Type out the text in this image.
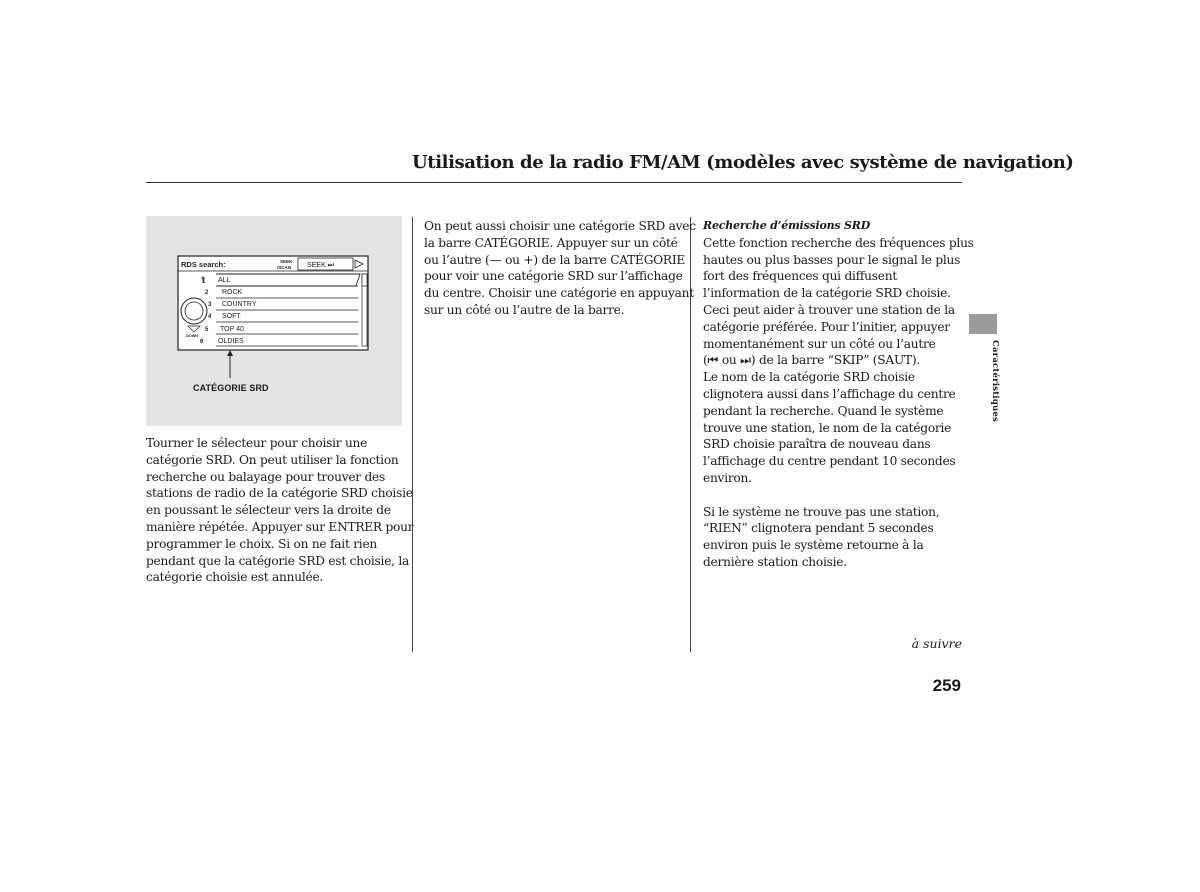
Utilisation de la radio FM/AM (modèles avec système de navigation)
RDS search:	SEEK
/SCAN SEEK ⏭
DOWN
1 ALL
2 ROCK
3 COUNTRY
4 SOFT
5 TOP 40
6 OLDIES
CATÉGORIE SRD

Tourner le sélecteur pour choisir une

catégorie SRD. On peut utiliser la fonction

recherche ou balayage pour trouver des

stations de radio de la catégorie SRD choisie

en poussant le sélecteur vers la droite de

manière répétée. Appuyer sur ENTRER pour

programmer le choix. Si on ne fait rien

pendant que la catégorie SRD est choisie, la

catégorie choisie est annulée.

On peut aussi choisir une catégorie SRD avec

la barre CATÉGORIE. Appuyer sur un côté

ou l’autre (— ou +) de la barre CATÉGORIE

pour voir une catégorie SRD sur l’affichage

du centre. Choisir une catégorie en appuyant

sur un côté ou l’autre de la barre.

Recherche d’émissions SRD

Cette fonction recherche des fréquences plus

hautes ou plus basses pour le signal le plus

fort des fréquences qui diffusent

l’information de la catégorie SRD choisie.

Ceci peut aider à trouver une station de la

catégorie préférée. Pour l’initier, appuyer

momentanément sur un côté ou l’autre

(⏮ ou ⏭) de la barre “SKIP” (SAUT).

Le nom de la catégorie SRD choisie

clignotera aussi dans l’affichage du centre

pendant la recherche. Quand le système

trouve une station, le nom de la catégorie

SRD choisie paraîtra de nouveau dans

l’affichage du centre pendant 10 secondes

environ.

Si le système ne trouve pas une station,

“RIEN” clignotera pendant 5 secondes

environ puis le système retourne à la

dernière station choisie.

Caractéristiques
à suivre
259
